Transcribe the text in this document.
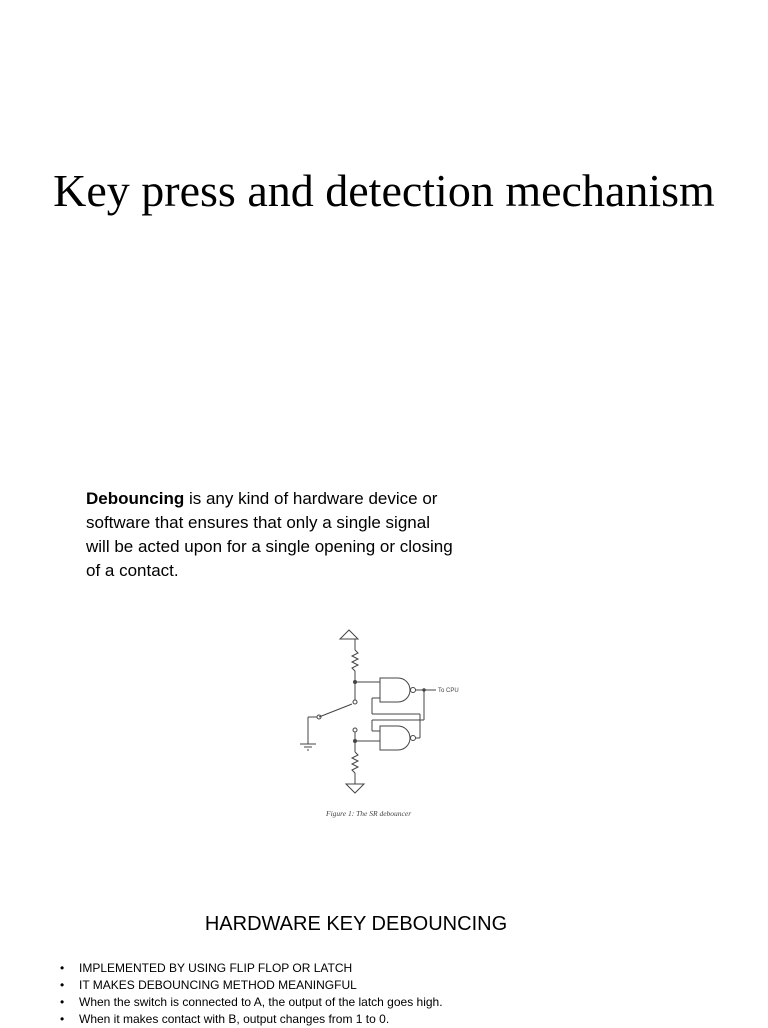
Key press and detection mechanism
Debouncing is any kind of hardware device or software that ensures that only a single signal will be acted upon for a single opening or closing of a contact.
To CPU
Figure 1: The SR debouncer
HARDWARE KEY DEBOUNCING
• IMPLEMENTED BY USING FLIP FLOP OR LATCH
• IT MAKES DEBOUNCING METHOD MEANINGFUL
• When the switch is connected to A, the output of the latch goes high.
• When it makes contact with B, output changes from 1 to 0.
